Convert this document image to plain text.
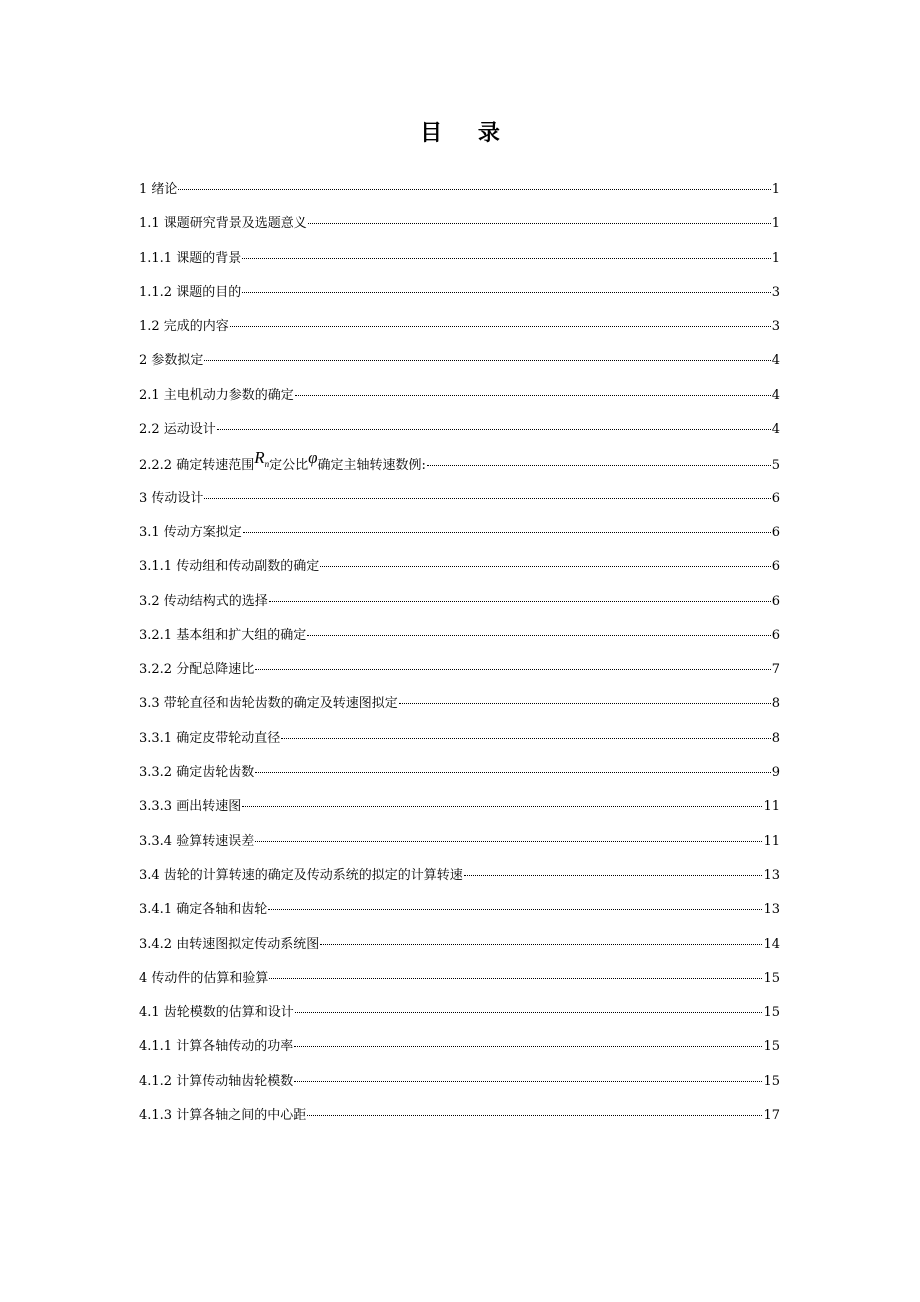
目 录
1 绪论	1
1.1 课题研究背景及选题意义	1
1.1.1 课题的背景	1
1.1.2 课题的目的	3
1.2 完成的内容	3
2 参数拟定	4
2.1 主电机动力参数的确定	4
2.2 运动设计	4
2.2.2 确定转速范围$R_n$定公比φ确定主轴转速数例:	5
3 传动设计	6
3.1 传动方案拟定	6
3.1.1 传动组和传动副数的确定	6
3.2 传动结构式的选择	6
3.2.1 基本组和扩大组的确定	6
3.2.2 分配总降速比	7
3.3 带轮直径和齿轮齿数的确定及转速图拟定	8
3.3.1 确定皮带轮动直径	8
3.3.2 确定齿轮齿数	9
3.3.3 画出转速图	11
3.3.4 验算转速误差	11
3.4 齿轮的计算转速的确定及传动系统的拟定的计算转速	13
3.4.1 确定各轴和齿轮	13
3.4.2 由转速图拟定传动系统图	14
4 传动件的估算和验算	15
4.1 齿轮模数的估算和设计	15
4.1.1 计算各轴传动的功率	15
4.1.2 计算传动轴齿轮模数	15
4.1.3 计算各轴之间的中心距	17
